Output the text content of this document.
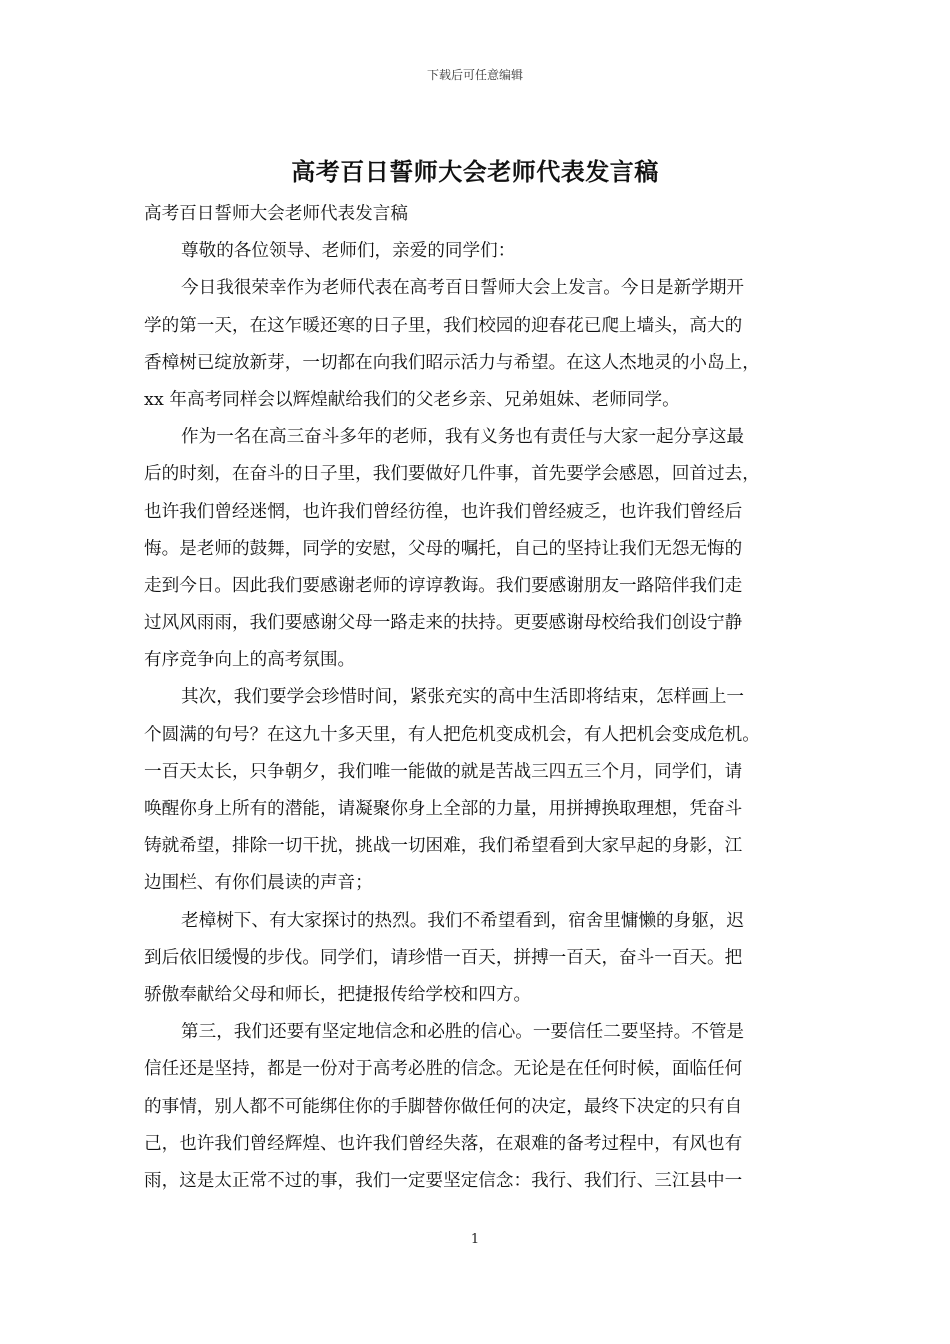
下载后可任意编辑
高考百日誓师大会老师代表发言稿
高考百日誓师大会老师代表发言稿
尊敬的各位领导、老师们，亲爱的同学们：
今日我很荣幸作为老师代表在高考百日誓师大会上发言。今日是新学期开
学的第一天，在这乍暖还寒的日子里，我们校园的迎春花已爬上墙头，高大的
香樟树已绽放新芽，一切都在向我们昭示活力与希望。在这人杰地灵的小岛上，
xx 年高考同样会以辉煌献给我们的父老乡亲、兄弟姐妹、老师同学。
作为一名在高三奋斗多年的老师，我有义务也有责任与大家一起分享这最
后的时刻，在奋斗的日子里，我们要做好几件事，首先要学会感恩，回首过去，
也许我们曾经迷惘，也许我们曾经彷徨，也许我们曾经疲乏，也许我们曾经后
悔。是老师的鼓舞，同学的安慰，父母的嘱托，自己的坚持让我们无怨无悔的
走到今日。因此我们要感谢老师的谆谆教诲。我们要感谢朋友一路陪伴我们走
过风风雨雨，我们要感谢父母一路走来的扶持。更要感谢母校给我们创设宁静
有序竞争向上的高考氛围。
其次，我们要学会珍惜时间，紧张充实的高中生活即将结束，怎样画上一
个圆满的句号？在这九十多天里，有人把危机变成机会，有人把机会变成危机。
一百天太长，只争朝夕，我们唯一能做的就是苦战三四五三个月，同学们，请
唤醒你身上所有的潜能，请凝聚你身上全部的力量，用拼搏换取理想，凭奋斗
铸就希望，排除一切干扰，挑战一切困难，我们希望看到大家早起的身影，江
边围栏、有你们晨读的声音；
老樟树下、有大家探讨的热烈。我们不希望看到，宿舍里慵懒的身躯，迟
到后依旧缓慢的步伐。同学们，请珍惜一百天，拼搏一百天，奋斗一百天。把
骄傲奉献给父母和师长，把捷报传给学校和四方。
第三，我们还要有坚定地信念和必胜的信心。一要信任二要坚持。不管是
信任还是坚持，都是一份对于高考必胜的信念。无论是在任何时候，面临任何
的事情，别人都不可能绑住你的手脚替你做任何的决定，最终下决定的只有自
己，也许我们曾经辉煌、也许我们曾经失落，在艰难的备考过程中，有风也有
雨，这是太正常不过的事，我们一定要坚定信念：我行、我们行、三江县中一
1
